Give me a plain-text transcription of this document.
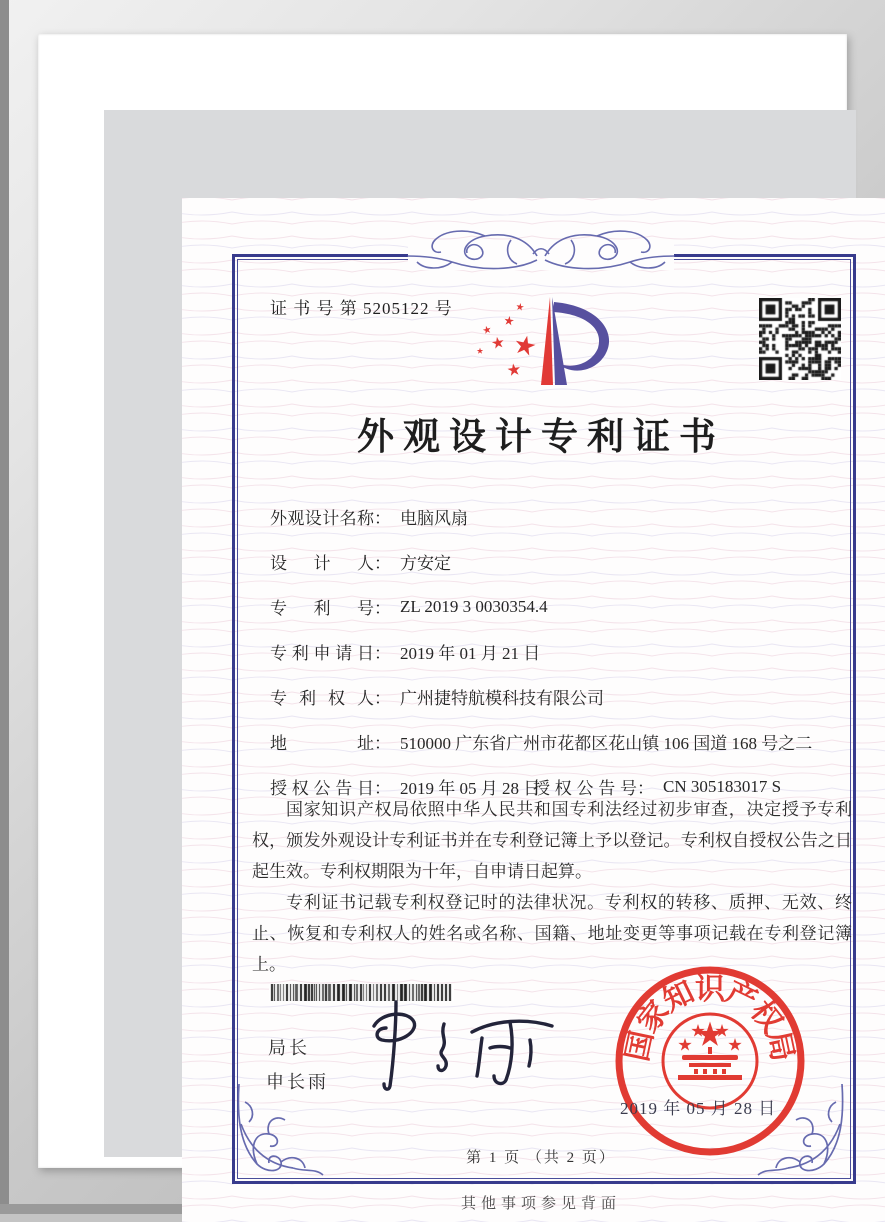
证 书 号 第 5205122 号
外观设计专利证书
外观设计名称 ： 电脑风扇
设计人 ： 方安定
专利号 ： ZL 2019 3 0030354.4
专利申请日 ： 2019 年 01 月 21 日
专利权人 ： 广州捷特航模科技有限公司
地址 ： 510000 广东省广州市花都区花山镇 106 国道 168 号之二
授权公告日 ： 2019 年 05 月 28 日
授权公告号 ： CN 305183017 S

国家知识产权局依照中华人民共和国专利法经过初步审查，决定授予专利权，颁发外观设计专利证书并在专利登记簿上予以登记。专利权自授权公告之日起生效。专利权期限为十年，自申请日起算。

专利证书记载专利权登记时的法律状况。专利权的转移、质押、无效、终止、恢复和专利权人的姓名或名称、国籍、地址变更等事项记载在专利登记簿上。

局长
申长雨
国
家
知
识
产
权
局
2019 年 05 月 28 日
第 1 页 （共 2 页）
其他事项参见背面
